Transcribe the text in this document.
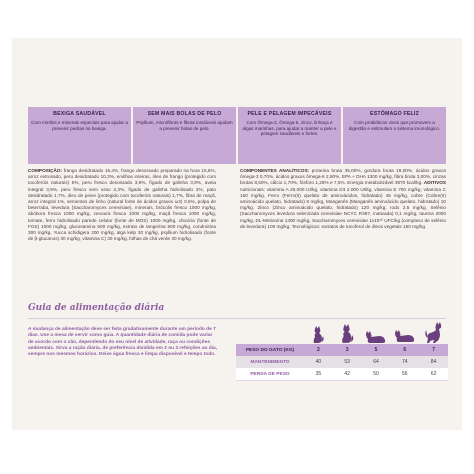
BEXIGA SAUDÁVEL

Com mirtilos e minerais especiais para ajudar a prevenir pedras na bexiga.

SEM MAIS BOLAS DE PELO

Psyllium, microfibras e fibras insolúveis ajudam a prevenir bolas de pelo.

PELE E PELAGEM IMPECÁVEIS

Com Ômega-3, Ômega-6, zinco, linhaça e algas marinhas, para ajudar a manter a pele e pelagem saudáveis e fortes.

ESTÔMAGO FELIZ

Com probióticos vivos que promovem a digestão e estimulam o sistema imunológico.

COMPOSIÇÃO: frango desidratado 16,4%, frango desossado preparado na hora 15,6%, arroz extrusado, peru desidratado 10,3%, ervilhas inteiras, óleo de frango (protegido com tocoferóis naturais) 5%, peru fresco desossado 3,9%, fígado de galinha 3,9%, aveia integral 3,9%, peru fresco sem osso 2,3%, fígado de galinha hidrolisado 2%, pato desidratado 1,7%, óleo de peixe (protegido com tocoferóis naturais) 1,7%, fibra de maçã, arroz integral 1%, sementes de linho (natural fonte de ácidos graxos ω3) 0,6%, polpa de beterraba, levedura (Saccharomyces cerevisiae), minerais, brócolis fresco 1000 mg/kg, abóbora fresca 1000 mg/kg, cenoura fresca 1000 mg/kg, maçã fresca 1000 mg/kg, tomate, ferro hidrolisado parede celular (fonte de MOS) 1000 mg/kg, chicória (fonte de FOS) 1000 mg/kg, glucosamina 500 mg/kg, extrato de tangerina 500 mg/kg, condroitina 300 mg/kg, Yucca schidigera 200 mg/kg, alga kelp 30 mg/kg, psyllium hidrolisado (fonte de β-glucanos) 30 mg/kg, vitamina C) 30 mg/kg, folhas de chá verde 30 mg/kg.
COMPONENTES ANALÍTICOS: proteína bruta 35,00%, gordura bruta 19,00%, ácidos graxos ômega-3 0,70%, ácidos graxos ômega-6 2,90%, EPA + DHA 1300 mg/kg, fibra bruta 3,00%, cinzas brutas 8,50%, cálcio 1,70%, fósforo 1,25% e 7,5%. Energia metabolizável 3970 kcal/kg. ADITIVOS nutricionais: vitamina A 25.000 UI/kg, vitamina D3 2.000 UI/kg, vitamina E 700 mg/kg, vitamina C 160 mg/kg, Ferro (Ferro(II) quelato de aminoácidos, hidratado) 45 mg/kg, cobre (Cobre(II) aminoácido quelato, hidratado) 8 mg/kg, Manganês (Manganês aminoácido quelato, hidratado) 10 mg/kg, Zinco (Zinco aminoácido quelato, hidratado) 120 mg/kg, Iodo 2,5 mg/kg, Selênio (Saccharomyces levedura selenizada cerevisiae NCYC R397, inativada) 0,1 mg/kg, taurina 2000 mg/kg, DL-Metionina 1300 mg/kg, Saccharomyces cerevisiae 1x10¹⁰ UFC/kg (complexo de selênio de levedura) 100 mg/kg, Tecnológicos: extratos de tocoferol de óleos vegetais 150 mg/kg.
Guia de alimentação diária
A mudança de alimentação deve ser feita gradativamente durante um período de 7 dias. Use a mesa de servir como guia. A quantidade diária de comida pode variar de acordo com o cão, dependendo do seu nível de atividade, raça ou condições ambientais. Sirva a ração diária, de preferência dividida em 2 ou 3 refeições ao dia, sempre nos mesmos horários. Deixe água fresca e limpa disponível e tempo todo.
PESO DO GATO (KG)	2	3	5	6	7
MANTENIMENTO	40	53	64	74	84
PERDA DE PESO	35	42	50	56	62
